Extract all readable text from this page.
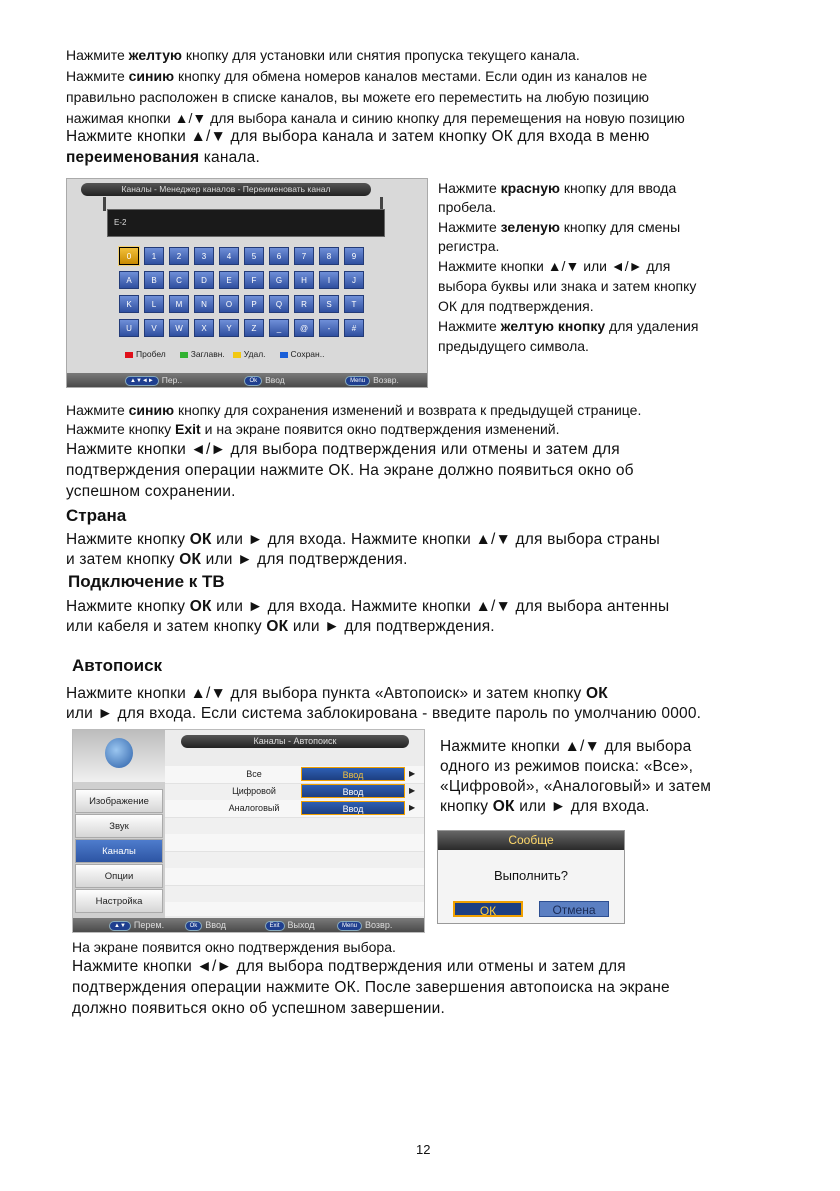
Нажмите желтую кнопку для установки или снятия пропуска текущего канала.

Нажмите синию кнопку для обмена номеров каналов местами. Если один из каналов не

правильно расположен в списке каналов, вы можете его переместить на любую позицию

нажимая кнопки ▲/▼ для выбора канала и синию кнопку для перемещения на новую позицию

Нажмите кнопки ▲/▼ для выбора канала и затем кнопку ОК для входа в меню

переименования канала.

Каналы - Менеджер каналов - Переименовать канал
E-2
0	1	2	3	4	5	6	7	8	9
A	B	C	D	E	F	G	H	I	J
K	L	M	N	O	P	Q	R	S	T
U	V	W	X	Y	Z	_	@	-	#
Пробел	Заглавн.	Удал.	Сохран..
▲▼◄► Пер..	Ok Ввод	Menu Возвр.

Нажмите красную кнопку для ввода

пробела.

Нажмите зеленую кнопку для смены

регистра.

Нажмите кнопки ▲/▼ или ◄/► для

выбора буквы или знака и затем кнопку

ОК для подтверждения.

Нажмите желтую кнопку для удаления

предыдущего символа.

Нажмите синию кнопку для сохранения изменений и возврата к предыдущей странице.

Нажмите кнопку Exit и на экране появится окно подтверждения изменений.

Нажмите кнопки ◄/► для выбора подтверждения или отмены и затем для

подтверждения операции нажмите ОК. На экране должно появиться окно об

успешном сохранении.

Страна

Нажмите кнопку ОК или ► для входа. Нажмите кнопки ▲/▼ для выбора страны

и затем кнопку ОК или ► для подтверждения.

Подключение к ТВ

Нажмите кнопку ОК или ► для входа. Нажмите кнопки ▲/▼ для выбора антенны

или кабеля и затем кнопку ОК или ► для подтверждения.

Автопоиск

Нажмите кнопки ▲/▼ для выбора пункта «Автопоиск» и затем кнопку ОК

или ► для входа. Если система заблокирована - введите пароль по умолчанию 0000.

Изображение
Звук
Каналы
Опции
Настройка
Каналы - Автопоиск
Все	Ввод	▶
Цифровой	Ввод	▶
Аналоговый	Ввод	▶
▲▼ Перем.	Ok Ввод	Exit Выход	Menu Возвр.

Нажмите кнопки ▲/▼ для выбора

одного из режимов поиска: «Все»,

«Цифровой», «Аналоговый» и затем

кнопку ОК или ► для входа.

Сообще
Выполнить?
ОК	Отмена

На экране появится окно подтверждения выбора.

Нажмите кнопки ◄/► для выбора подтверждения или отмены и затем для

подтверждения операции нажмите ОК. После завершения автопоиска на экране

должно появиться окно об успешном завершении.

12
